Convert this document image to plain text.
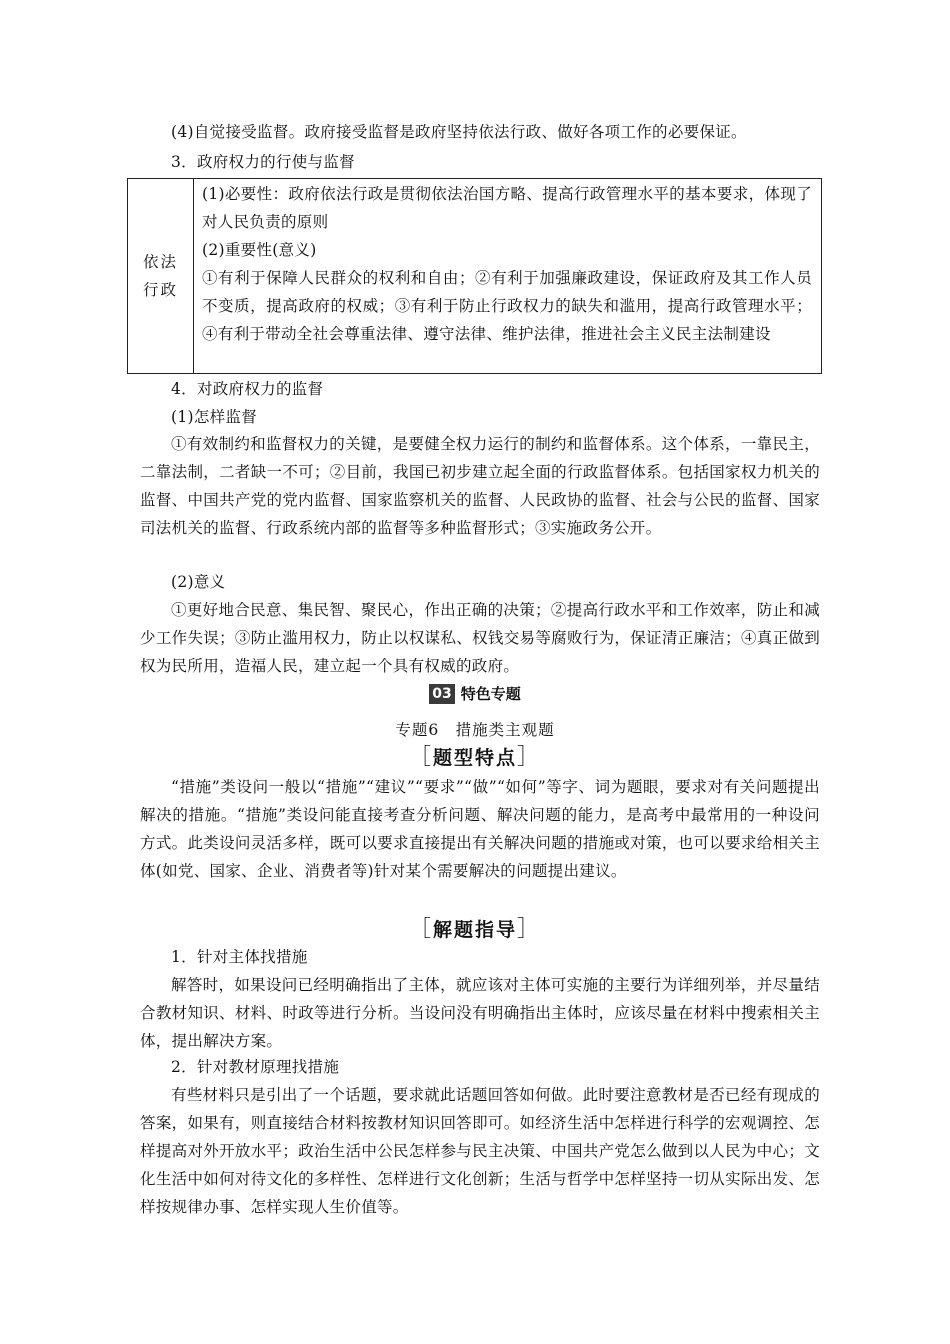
(4)自觉接受监督。政府接受监督是政府坚持依法行政、做好各项工作的必要保证。

3．政府权力的行使与监督

依法行政
(1)必要性：政府依法行政是贯彻依法治国方略、提高行政管理水平的基本要求，体现了对人民负责的原则
(2)重要性(意义)
①有利于保障人民群众的权利和自由；②有利于加强廉政建设，保证政府及其工作人员不变质，提高政府的权威；③有利于防止行政权力的缺失和滥用，提高行政管理水平；④有利于带动全社会尊重法律、遵守法律、维护法律，推进社会主义民主法制建设

4．对政府权力的监督

(1)怎样监督

①有效制约和监督权力的关键，是要健全权力运行的制约和监督体系。这个体系，一靠民主，二靠法制，二者缺一不可；②目前，我国已初步建立起全面的行政监督体系。包括国家权力机关的监督、中国共产党的党内监督、国家监察机关的监督、人民政协的监督、社会与公民的监督、国家司法机关的监督、行政系统内部的监督等多种监督形式；③实施政务公开。

(2)意义

①更好地合民意、集民智、聚民心，作出正确的决策；②提高行政水平和工作效率，防止和减少工作失误；③防止滥用权力，防止以权谋私、权钱交易等腐败行为，保证清正廉洁；④真正做到权为民所用，造福人民，建立起一个具有权威的政府。

03 特色专题
专题6　措施类主观题
［题型特点］

“措施”类设问一般以“措施”“建议”“要求”“做”“如何”等字、词为题眼，要求对有关问题提出解决的措施。“措施”类设问能直接考查分析问题、解决问题的能力，是高考中最常用的一种设问方式。此类设问灵活多样，既可以要求直接提出有关解决问题的措施或对策，也可以要求给相关主体(如党、国家、企业、消费者等)针对某个需要解决的问题提出建议。

［解题指导］

1．针对主体找措施

解答时，如果设问已经明确指出了主体，就应该对主体可实施的主要行为详细列举，并尽量结合教材知识、材料、时政等进行分析。当设问没有明确指出主体时，应该尽量在材料中搜索相关主体，提出解决方案。

2．针对教材原理找措施

有些材料只是引出了一个话题，要求就此话题回答如何做。此时要注意教材是否已经有现成的答案，如果有，则直接结合材料按教材知识回答即可。如经济生活中怎样进行科学的宏观调控、怎样提高对外开放水平；政治生活中公民怎样参与民主决策、中国共产党怎么做到以人民为中心；文化生活中如何对待文化的多样性、怎样进行文化创新；生活与哲学中怎样坚持一切从实际出发、怎样按规律办事、怎样实现人生价值等。
